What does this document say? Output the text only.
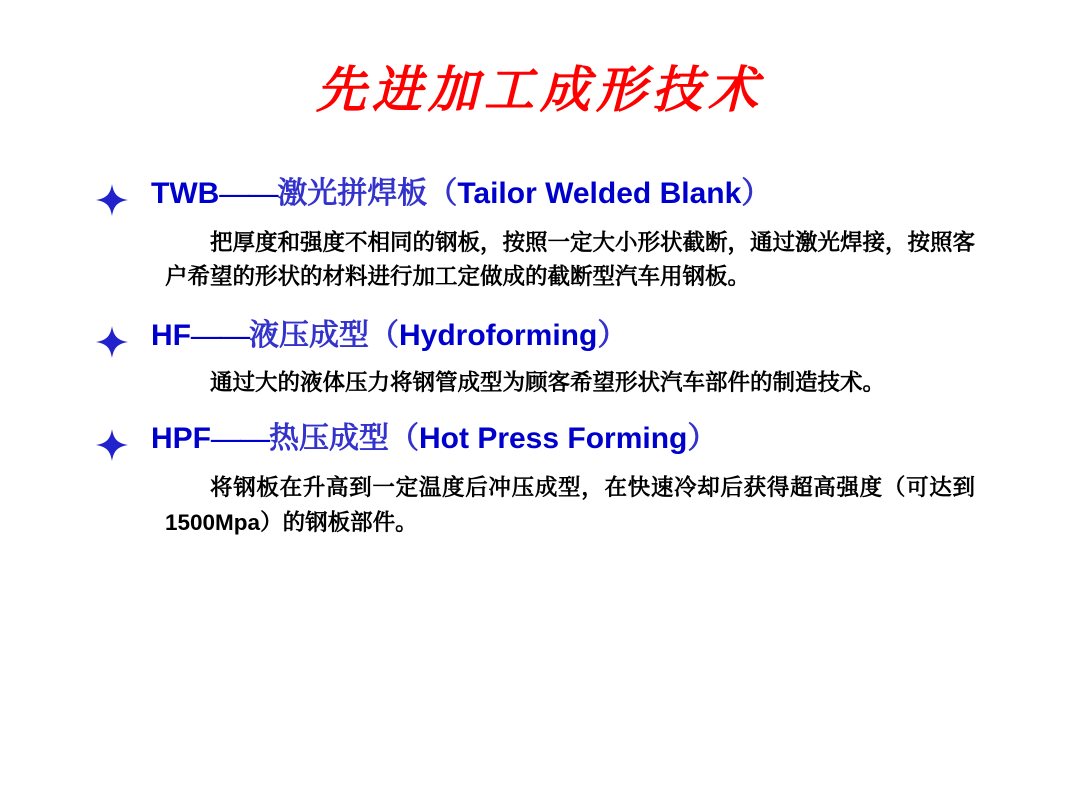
先进加工成形技术
TWB——激光拼焊板（Tailor Welded Blank）
把厚度和强度不相同的钢板，按照一定大小形状截断，通过激光焊接，按照客户希望的形状的材料进行加工定做成的截断型汽车用钢板。
HF——液压成型（Hydroforming）
通过大的液体压力将钢管成型为顾客希望形状汽车部件的制造技术。
HPF——热压成型（Hot Press Forming）
将钢板在升高到一定温度后冲压成型，在快速冷却后获得超高强度（可达到1500Mpa）的钢板部件。
